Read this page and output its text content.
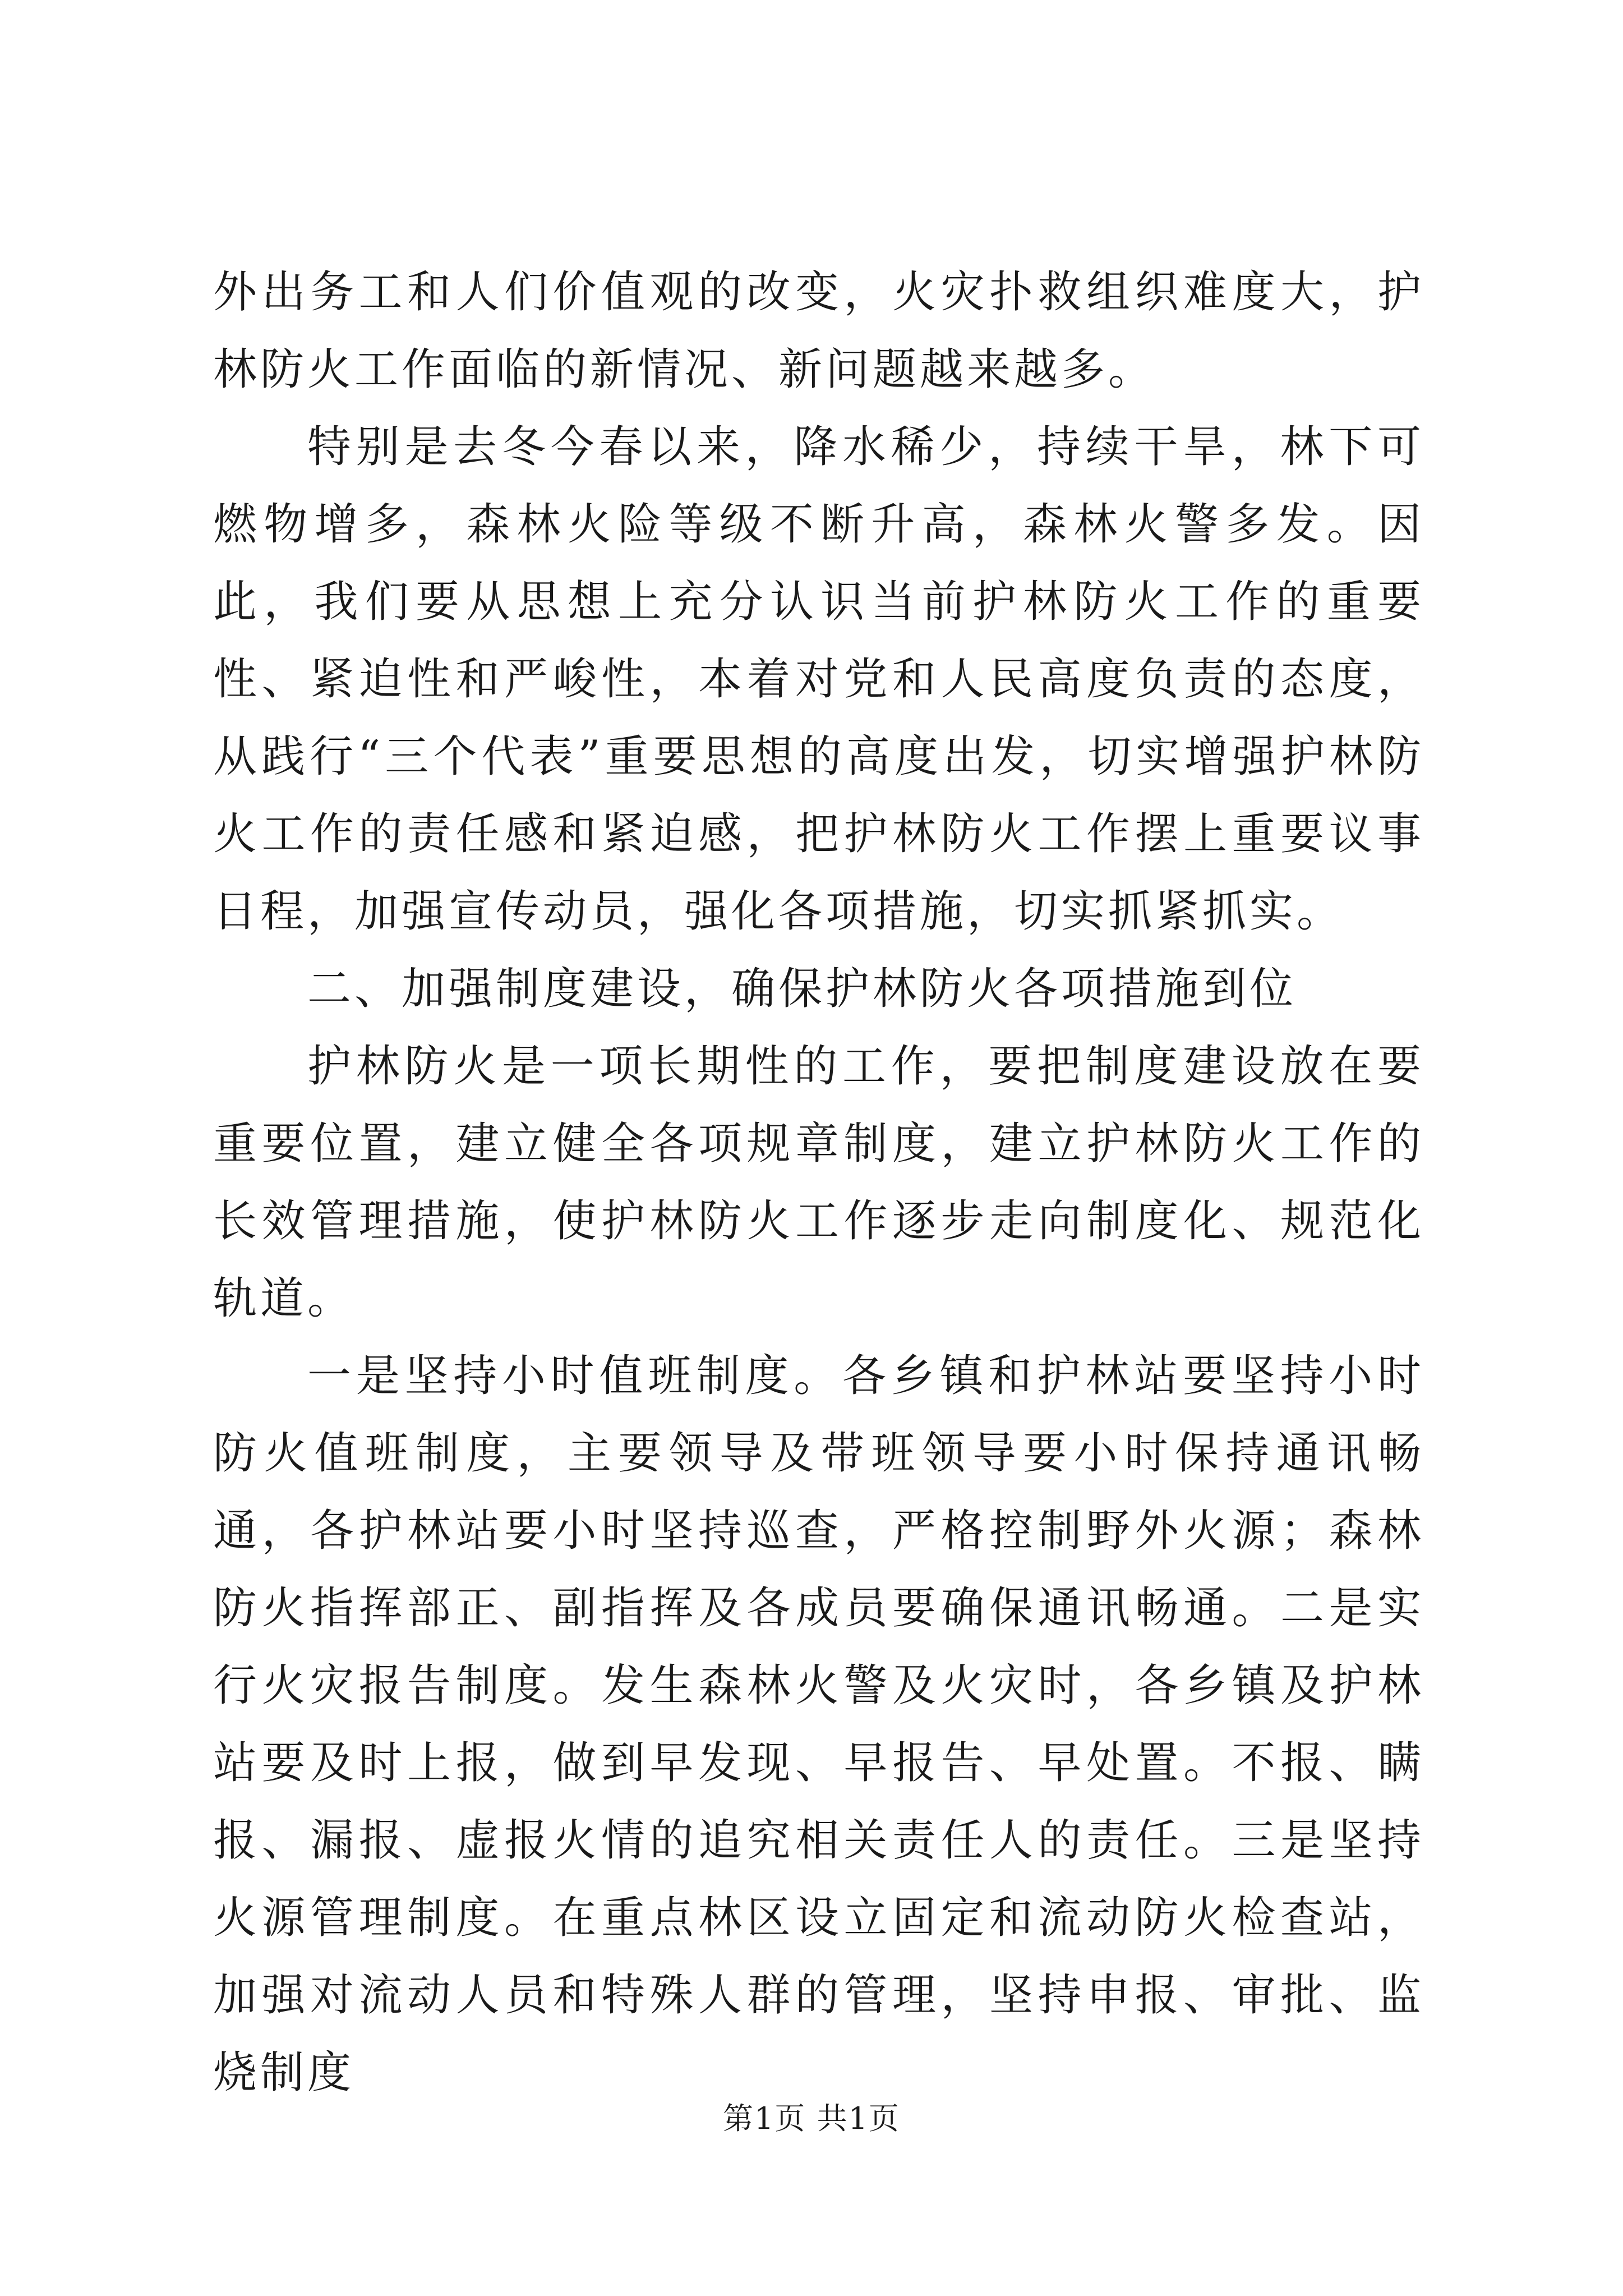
外出务工和人们价值观的改变，火灾扑救组织难度大，护林防火工作面临的新情况、新问题越来越多。

特别是去冬今春以来，降水稀少，持续干旱，林下可燃物增多，森林火险等级不断升高，森林火警多发。因此，我们要从思想上充分认识当前护林防火工作的重要性、紧迫性和严峻性，本着对党和人民高度负责的态度，从践行“三个代表”重要思想的高度出发，切实增强护林防火工作的责任感和紧迫感，把护林防火工作摆上重要议事日程，加强宣传动员，强化各项措施，切实抓紧抓实。

二、加强制度建设，确保护林防火各项措施到位

护林防火是一项长期性的工作，要把制度建设放在要重要位置，建立健全各项规章制度，建立护林防火工作的长效管理措施，使护林防火工作逐步走向制度化、规范化轨道。

一是坚持小时值班制度。各乡镇和护林站要坚持小时防火值班制度，主要领导及带班领导要小时保持通讯畅通，各护林站要小时坚持巡查，严格控制野外火源；森林防火指挥部正、副指挥及各成员要确保通讯畅通。二是实行火灾报告制度。发生森林火警及火灾时，各乡镇及护林站要及时上报，做到早发现、早报告、早处置。不报、瞒报、漏报、虚报火情的追究相关责任人的责任。三是坚持火源管理制度。在重点林区设立固定和流动防火检查站，加强对流动人员和特殊人群的管理，坚持申报、审批、监烧制度

第1页 共1页
